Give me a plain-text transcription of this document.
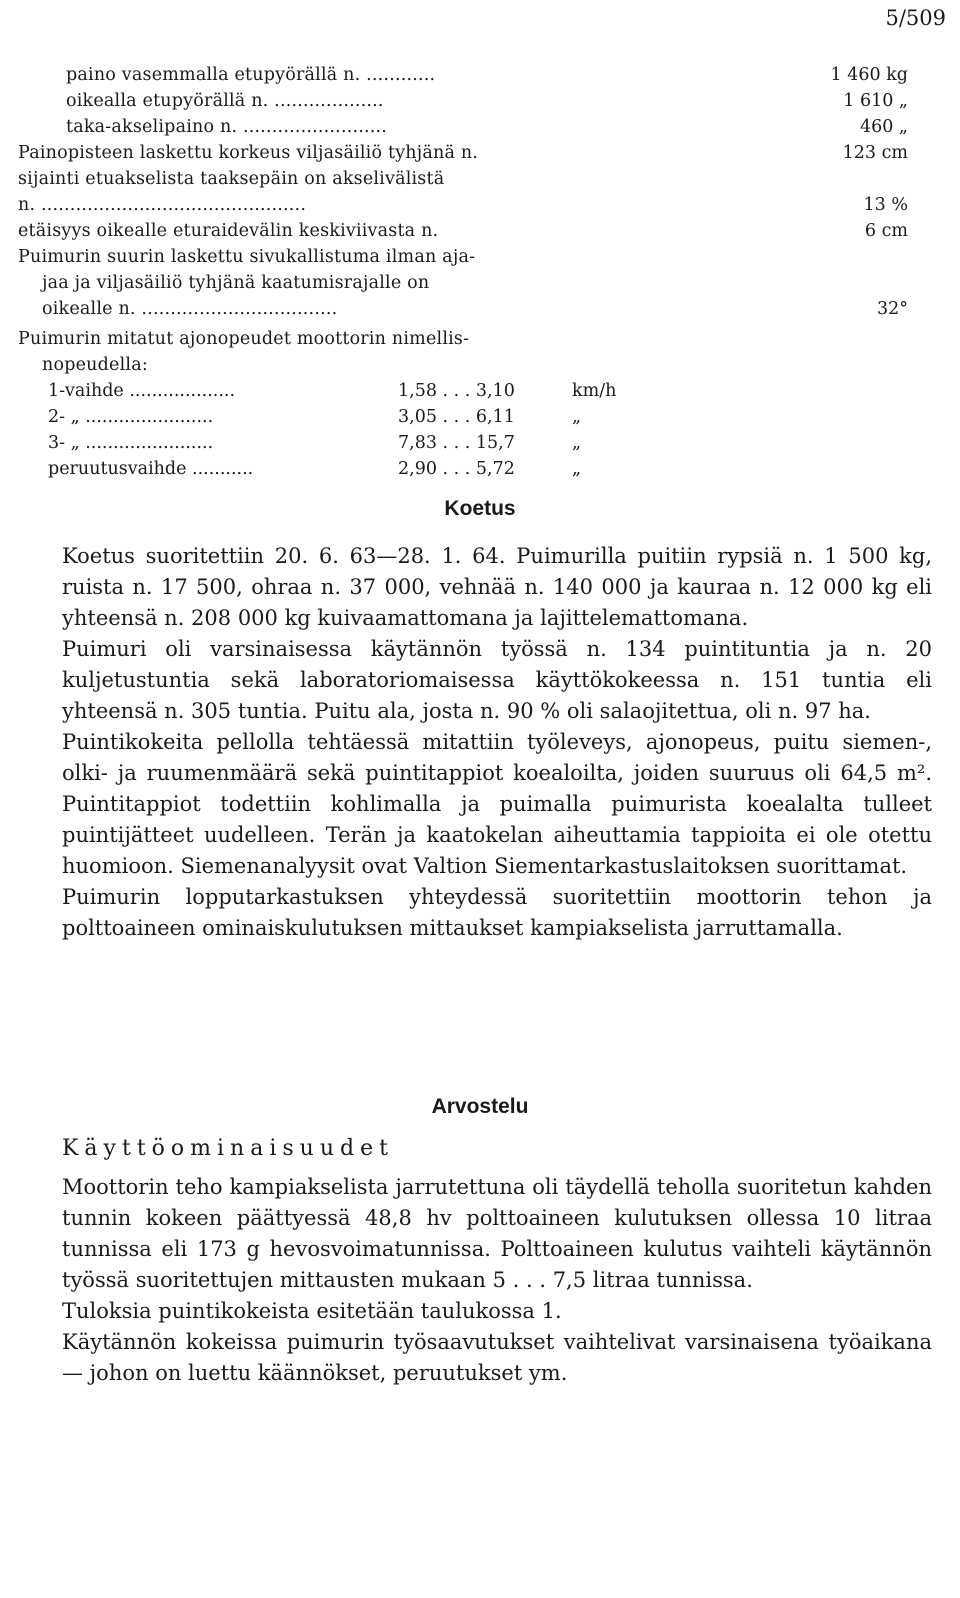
5/509
paino vasemmalla etupyörällä n. ............	1 460 kg
oikealla etupyörällä n. ...................	1 610 „
taka-akselipaino n. .........................	460 „
Painopisteen laskettu korkeus viljasäiliö tyhjänä n.	123 cm
sijainti etuakselista taaksepäin on akselivälistä
n. ..............................................	13 %
etäisyys oikealle eturaidevälin keskiviivasta n.	6 cm
Puimurin suurin laskettu sivukallistuma ilman aja-
jaa ja viljasäiliö tyhjänä kaatumisrajalle on
oikealle n. ..................................	32°
Puimurin mitatut ajonopeudet moottorin nimellis-
nopeudella:
1-vaihde ...................	1,58 . . . 3,10	km/h
2- „ .......................	3,05 . . . 6,11	„
3- „ .......................	7,83 . . . 15,7	„
peruutusvaihde ...........	2,90 . . . 5,72	„
Koetus

Koetus suoritettiin 20. 6. 63—28. 1. 64. Puimurilla puitiin rypsiä n. 1 500 kg, ruista n. 17 500, ohraa n. 37 000, vehnää n. 140 000 ja kauraa n. 12 000 kg eli yhteensä n. 208 000 kg kuivaamattomana ja lajittelemattomana.

Puimuri oli varsinaisessa käytännön työssä n. 134 puintituntia ja n. 20 kuljetustuntia sekä laboratoriomaisessa käyttökokeessa n. 151 tuntia eli yhteensä n. 305 tuntia. Puitu ala, josta n. 90 % oli salaojitettua, oli n. 97 ha.

Puintikokeita pellolla tehtäessä mitattiin työleveys, ajonopeus, puitu siemen-, olki- ja ruumenmäärä sekä puintitappiot koealoilta, joiden suuruus oli 64,5 m². Puintitappiot todettiin kohlimalla ja puimalla puimurista koealalta tulleet puintijätteet uudelleen. Terän ja kaatokelan aiheuttamia tappioita ei ole otettu huomioon. Siemenanalyysit ovat Valtion Siementarkastuslaitoksen suorittamat.

Puimurin lopputarkastuksen yhteydessä suoritettiin moottorin tehon ja polttoaineen ominaiskulutuksen mittaukset kampiakselista jarruttamalla.

Arvostelu
Käyttöominaisuudet

Moottorin teho kampiakselista jarrutettuna oli täydellä teholla suoritetun kahden tunnin kokeen päättyessä 48,8 hv polttoaineen kulutuksen ollessa 10 litraa tunnissa eli 173 g hevosvoimatunnissa. Polttoaineen kulutus vaihteli käytännön työssä suoritettujen mittausten mukaan 5 . . . 7,5 litraa tunnissa.

Tuloksia puintikokeista esitetään taulukossa 1.

Käytännön kokeissa puimurin työsaavutukset vaihtelivat varsinaisena työaikana — johon on luettu käännökset, peruutukset ym.
